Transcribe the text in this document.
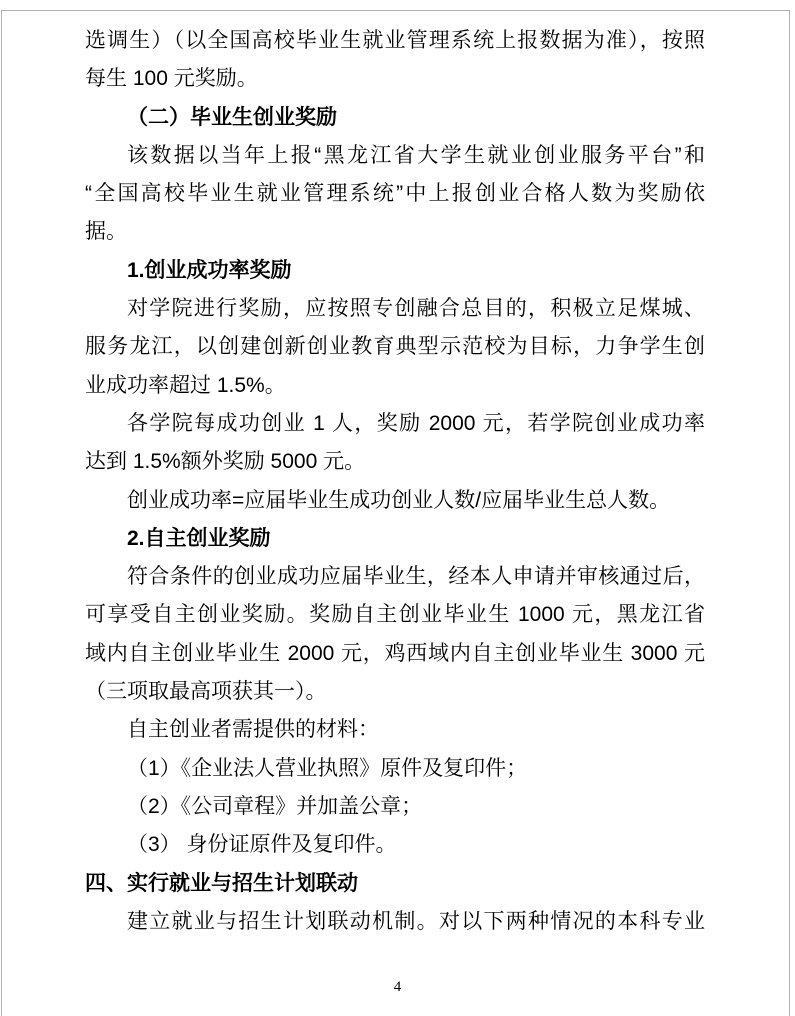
选调生）（以全国高校毕业生就业管理系统上报数据为准），按照
每生 100 元奖励。
（二）毕业生创业奖励
该数据以当年上报“黑龙江省大学生就业创业服务平台”和
“全国高校毕业生就业管理系统”中上报创业合格人数为奖励依
据。
1.创业成功率奖励
对学院进行奖励，应按照专创融合总目的，积极立足煤城、
服务龙江，以创建创新创业教育典型示范校为目标，力争学生创
业成功率超过 1.5%。
各学院每成功创业 1 人，奖励 2000 元，若学院创业成功率
达到 1.5%额外奖励 5000 元。
创业成功率=应届毕业生成功创业人数/应届毕业生总人数。
2.自主创业奖励
符合条件的创业成功应届毕业生，经本人申请并审核通过后，
可享受自主创业奖励。奖励自主创业毕业生 1000 元，黑龙江省
域内自主创业毕业生 2000 元，鸡西域内自主创业毕业生 3000 元
（三项取最高项获其一）。
自主创业者需提供的材料：
（1）《企业法人营业执照》原件及复印件；
（2）《公司章程》并加盖公章；
（3） 身份证原件及复印件。
四、实行就业与招生计划联动
建立就业与招生计划联动机制。对以下两种情况的本科专业
4
